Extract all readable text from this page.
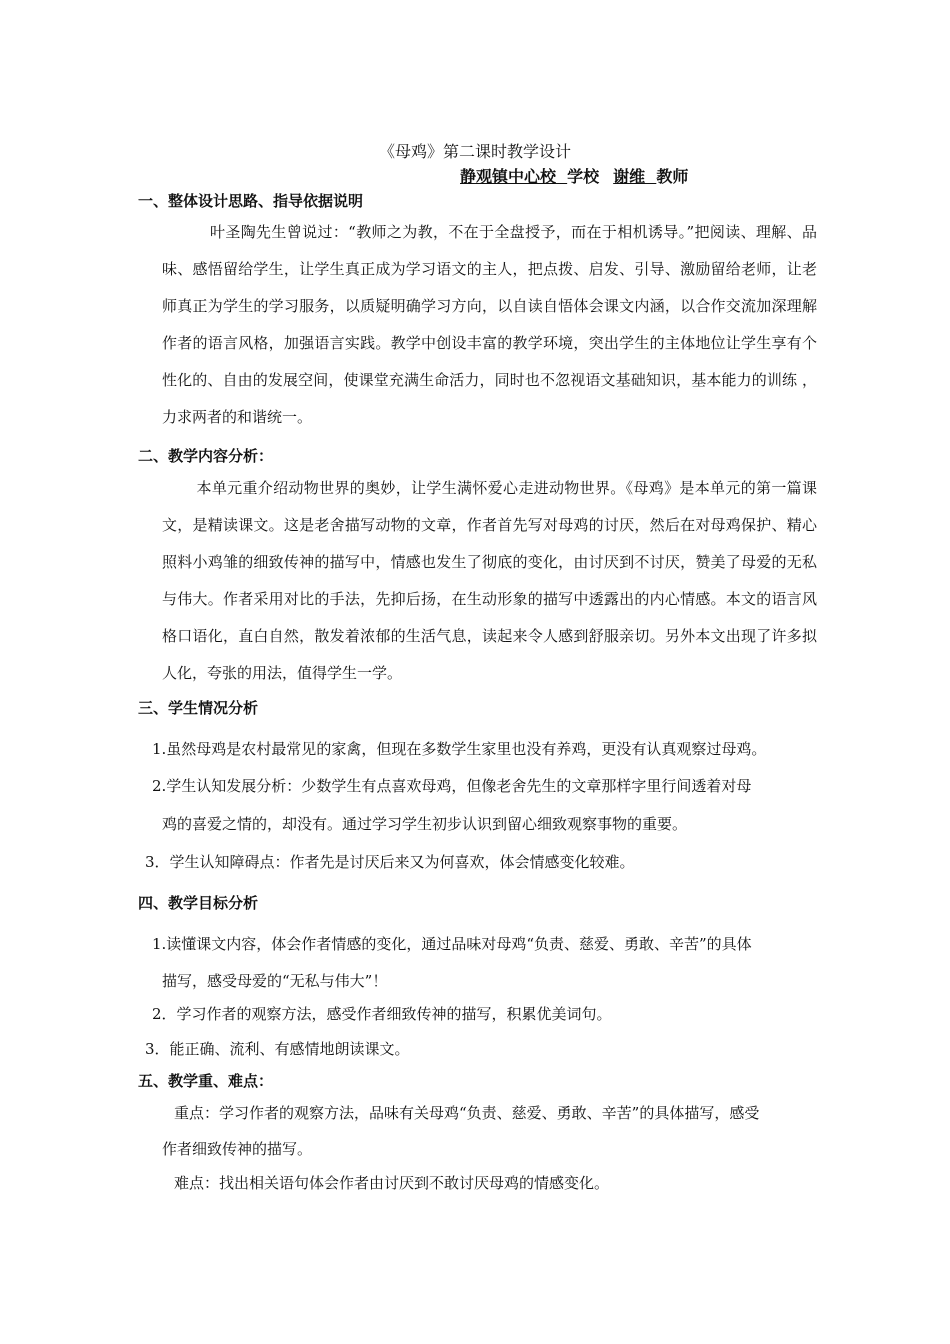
《母鸡》第二课时教学设计
静观镇中心校  学校 谢维  教师
一、整体设计思路、指导依据说明
叶圣陶先生曾说过：“教师之为教，不在于全盘授予，而在于相机诱导。”把阅读、理解、品味、感悟留给学生，让学生真正成为学习语文的主人，把点拨、启发、引导、激励留给老师，让老师真正为学生的学习服务，以质疑明确学习方向，以自读自悟体会课文内涵，以合作交流加深理解作者的语言风格，加强语言实践。教学中创设丰富的教学环境，突出学生的主体地位让学生享有个性化的、自由的发展空间，使课堂充满生命活力，同时也不忽视语文基础知识，基本能力的训练 ，力求两者的和谐统一。
二、教学内容分析：
本单元重介绍动物世界的奥妙，让学生满怀爱心走进动物世界。《母鸡》是本单元的第一篇课文，是精读课文。这是老舍描写动物的文章，作者首先写对母鸡的讨厌，然后在对母鸡保护、精心照料小鸡雏的细致传神的描写中，情感也发生了彻底的变化，由讨厌到不讨厌，赞美了母爱的无私与伟大。作者采用对比的手法，先抑后扬，在生动形象的描写中透露出的内心情感。本文的语言风格口语化，直白自然，散发着浓郁的生活气息，读起来令人感到舒服亲切。另外本文出现了许多拟人化，夸张的用法，值得学生一学。
三、学生情况分析
1.虽然母鸡是农村最常见的家禽，但现在多数学生家里也没有养鸡，更没有认真观察过母鸡。
2.学生认知发展分析：少数学生有点喜欢母鸡，但像老舍先生的文章那样字里行间透着对母
鸡的喜爱之情的，却没有。通过学习学生初步认识到留心细致观察事物的重要。
3．学生认知障碍点：作者先是讨厌后来又为何喜欢，体会情感变化较难。
四、教学目标分析
1.读懂课文内容，体会作者情感的变化，通过品味对母鸡“负责、慈爱、勇敢、辛苦”的具体
描写，感受母爱的“无私与伟大”！
2．学习作者的观察方法，感受作者细致传神的描写，积累优美词句。
3．能正确、流利、有感情地朗读课文。
五、教学重、难点：
重点：学习作者的观察方法，品味有关母鸡“负责、慈爱、勇敢、辛苦”的具体描写，感受
作者细致传神的描写。
难点：找出相关语句体会作者由讨厌到不敢讨厌母鸡的情感变化。
